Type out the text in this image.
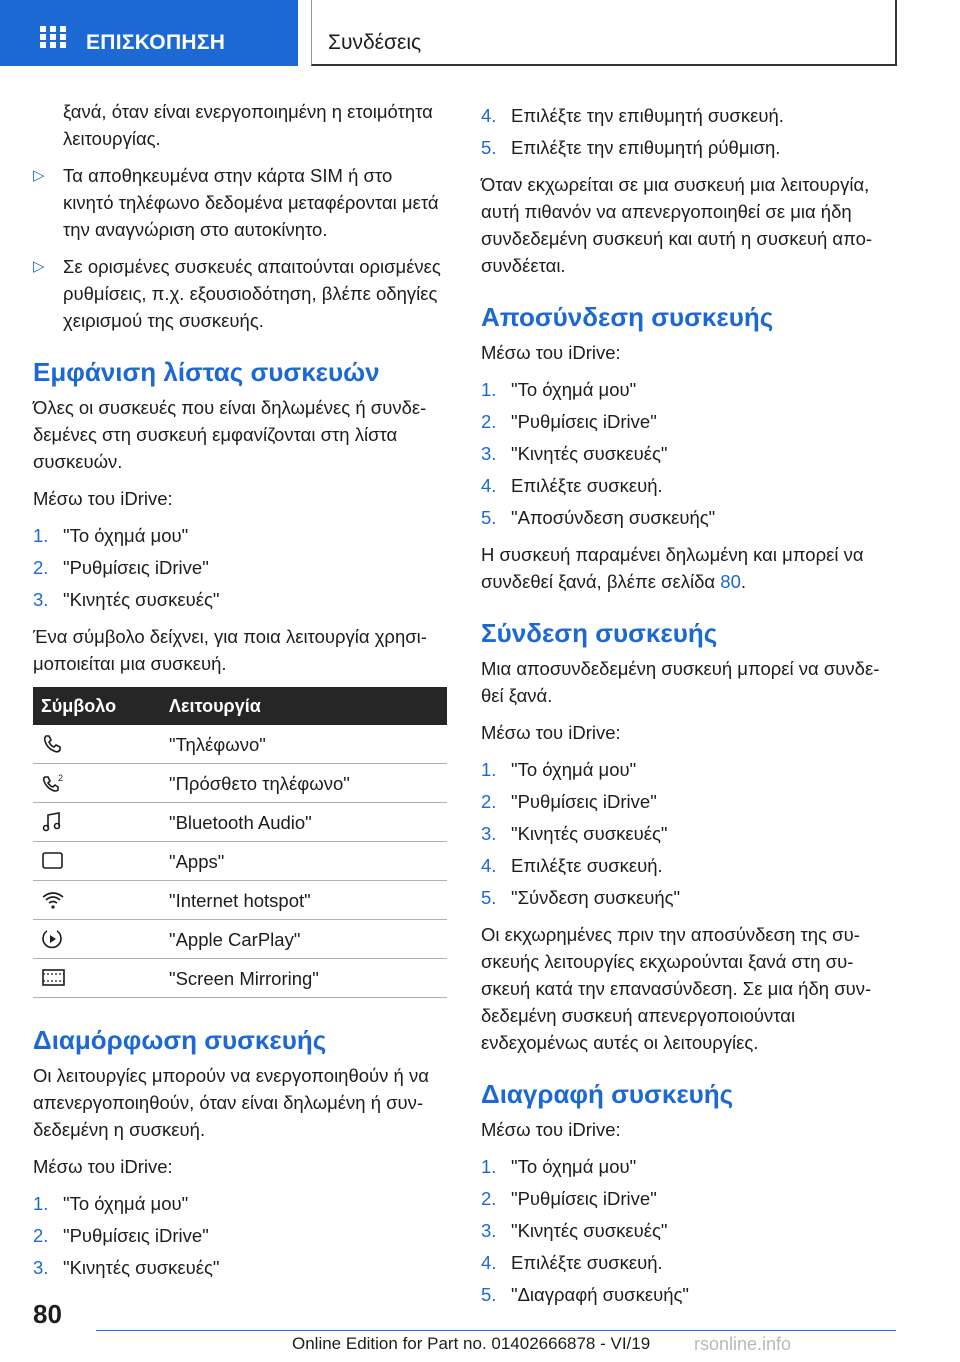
ΕΠΙΣΚΟΠΗΣΗ	Συνδέσεις

ξανά, όταν είναι ενεργοποιημένη η ετοιμότητα λειτουργίας.

▷ Τα αποθηκευμένα στην κάρτα SIM ή στο κινητό τηλέφωνο δεδομένα μεταφέρονται μετά την αναγνώριση στο αυτοκίνητο.
▷ Σε ορισμένες συσκευές απαιτούνται ορισμένες ρυθμίσεις, π.χ. εξουσιοδότηση, βλέπε οδηγίες χειρισμού της συσκευής.
Εμφάνιση λίστας συσκευών

Όλες οι συσκευές που είναι δηλωμένες ή συνδεδεμένες στη συσκευή εμφανίζονται στη λίστα συσκευών.

Μέσω του iDrive:

1. "Το όχημά μου"
2. "Ρυθμίσεις iDrive"
3. "Κινητές συσκευές"

Ένα σύμβολο δείχνει, για ποια λειτουργία χρησιμοποιείται μια συσκευή.

Σύμβολο	Λειτουργία

	"Τηλέφωνο"

2	"Πρόσθετο τηλέφωνο"

	"Bluetooth Audio"

	"Apps"

	"Internet hotspot"

	"Apple CarPlay"

	"Screen Mirroring"
Διαμόρφωση συσκευής

Οι λειτουργίες μπορούν να ενεργοποιηθούν ή να απενεργοποιηθούν, όταν είναι δηλωμένη ή συνδεδεμένη η συσκευή.

Μέσω του iDrive:

1. "Το όχημά μου"
2. "Ρυθμίσεις iDrive"
3. "Κινητές συσκευές"
4. Επιλέξτε την επιθυμητή συσκευή.
5. Επιλέξτε την επιθυμητή ρύθμιση.

Όταν εκχωρείται σε μια συσκευή μια λειτουργία, αυτή πιθανόν να απενεργοποιηθεί σε μια ήδη συνδεδεμένη συσκευή και αυτή η συσκευή αποσυνδέεται.

Αποσύνδεση συσκευής

Μέσω του iDrive:

1. "Το όχημά μου"
2. "Ρυθμίσεις iDrive"
3. "Κινητές συσκευές"
4. Επιλέξτε συσκευή.
5. "Αποσύνδεση συσκευής"

Η συσκευή παραμένει δηλωμένη και μπορεί να συνδεθεί ξανά, βλέπε σελίδα 80.

Σύνδεση συσκευής

Μια αποσυνδεδεμένη συσκευή μπορεί να συνδεθεί ξανά.

Μέσω του iDrive:

1. "Το όχημά μου"
2. "Ρυθμίσεις iDrive"
3. "Κινητές συσκευές"
4. Επιλέξτε συσκευή.
5. "Σύνδεση συσκευής"

Οι εκχωρημένες πριν την αποσύνδεση της συσκευής λειτουργίες εκχωρούνται ξανά στη συσκευή κατά την επανασύνδεση. Σε μια ήδη συνδεδεμένη συσκευή απενεργοποιούνται ενδεχομένως αυτές οι λειτουργίες.

Διαγραφή συσκευής

Μέσω του iDrive:

1. "Το όχημά μου"
2. "Ρυθμίσεις iDrive"
3. "Κινητές συσκευές"
4. Επιλέξτε συσκευή.
5. "Διαγραφή συσκευής"
80
Online Edition for Part no. 01402666878 - VI/19 rsonline.info
